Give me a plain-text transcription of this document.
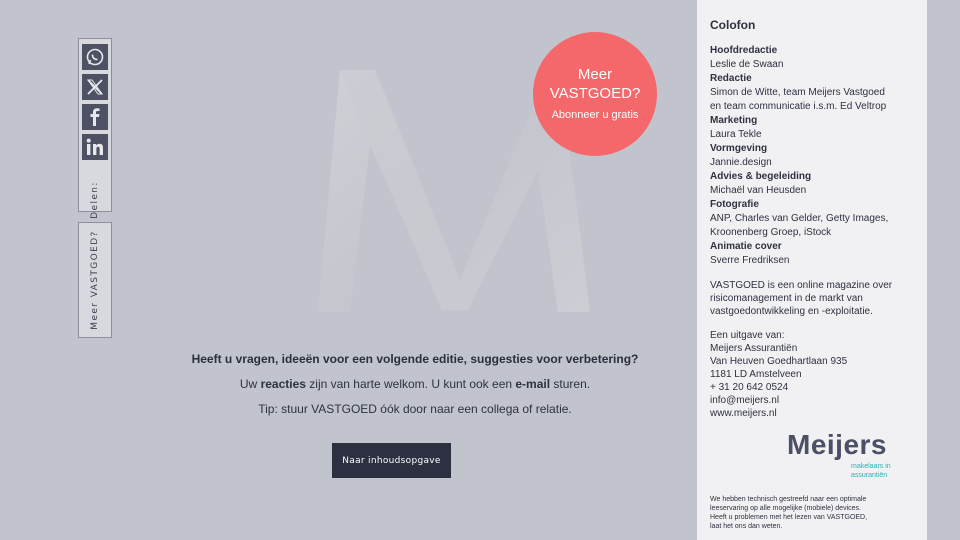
Delen:
Meer VASTGOED?
Meer
VASTGOED?
Abonneer u gratis
Heeft u vragen, ideeën voor een volgende editie, suggesties voor verbetering?
Uw reacties zijn van harte welkom. U kunt ook een e-mail sturen.
Tip: stuur VASTGOED óók door naar een collega of relatie.
Naar inhoudsopgave
Colofon
Hoofdredactie
Leslie de Swaan
Redactie
Simon de Witte, team Meijers Vastgoed
en team communicatie i.s.m. Ed Veltrop
Marketing
Laura Tekle
Vormgeving
Jannie.design
Advies & begeleiding
Michaël van Heusden
Fotografie
ANP, Charles van Gelder, Getty Images,
Kroonenberg Groep, iStock
Animatie cover
Sverre Fredriksen
VASTGOED is een online magazine over
risicomanagement in de markt van
vastgoedontwikkeling en -exploitatie.
Een uitgave van:
Meijers Assurantiën
Van Heuven Goedhartlaan 935
1181 LD Amstelveen
+ 31 20 642 0524
info@meijers.nl
www.meijers.nl
Meijers
makelaars in
assurantiën
We hebben technisch gestreefd naar een optimale
leeservaring op alle mogelijke (mobiele) devices.
Heeft u problemen met het lezen van VASTGOED,
laat het ons dan weten.
